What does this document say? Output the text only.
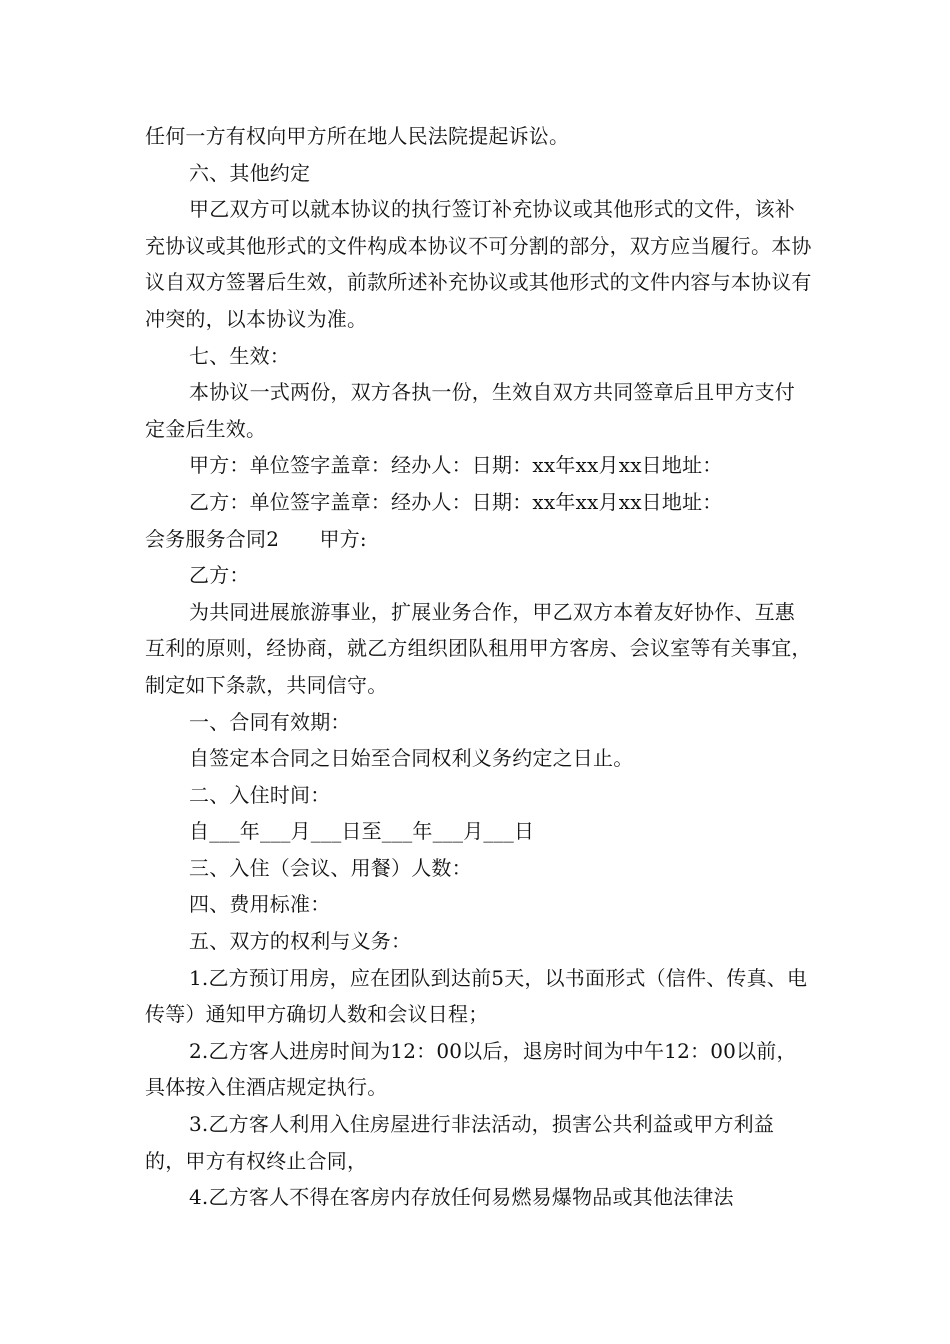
任何一方有权向甲方所在地人民法院提起诉讼。

六、其他约定

甲乙双方可以就本协议的执行签订补充协议或其他形式的文件，该补充协议或其他形式的文件构成本协议不可分割的部分，双方应当履行。本协议自双方签署后生效，前款所述补充协议或其他形式的文件内容与本协议有冲突的，以本协议为准。

七、生效：

本协议一式两份，双方各执一份，生效自双方共同签章后且甲方支付定金后生效。

甲方：单位签字盖章：经办人：日期：xx年xx月xx日地址：

乙方：单位签字盖章：经办人：日期：xx年xx月xx日地址：

会务服务合同2　　甲方:

乙方：

为共同进展旅游事业，扩展业务合作，甲乙双方本着友好协作、互惠互利的原则，经协商，就乙方组织团队租用甲方客房、会议室等有关事宜，制定如下条款，共同信守。

一、合同有效期：

自签定本合同之日始至合同权利义务约定之日止。

二、入住时间：

自___年___月___日至___年___月___日

三、入住（会议、用餐）人数：

四、费用标准：

五、双方的权利与义务：

1.乙方预订用房，应在团队到达前5天，以书面形式（信件、传真、电传等）通知甲方确切人数和会议日程；

2.乙方客人进房时间为12：00以后，退房时间为中午12：00以前，具体按入住酒店规定执行。

3.乙方客人利用入住房屋进行非法活动，损害公共利益或甲方利益的，甲方有权终止合同，

4.乙方客人不得在客房内存放任何易燃易爆物品或其他法律法
